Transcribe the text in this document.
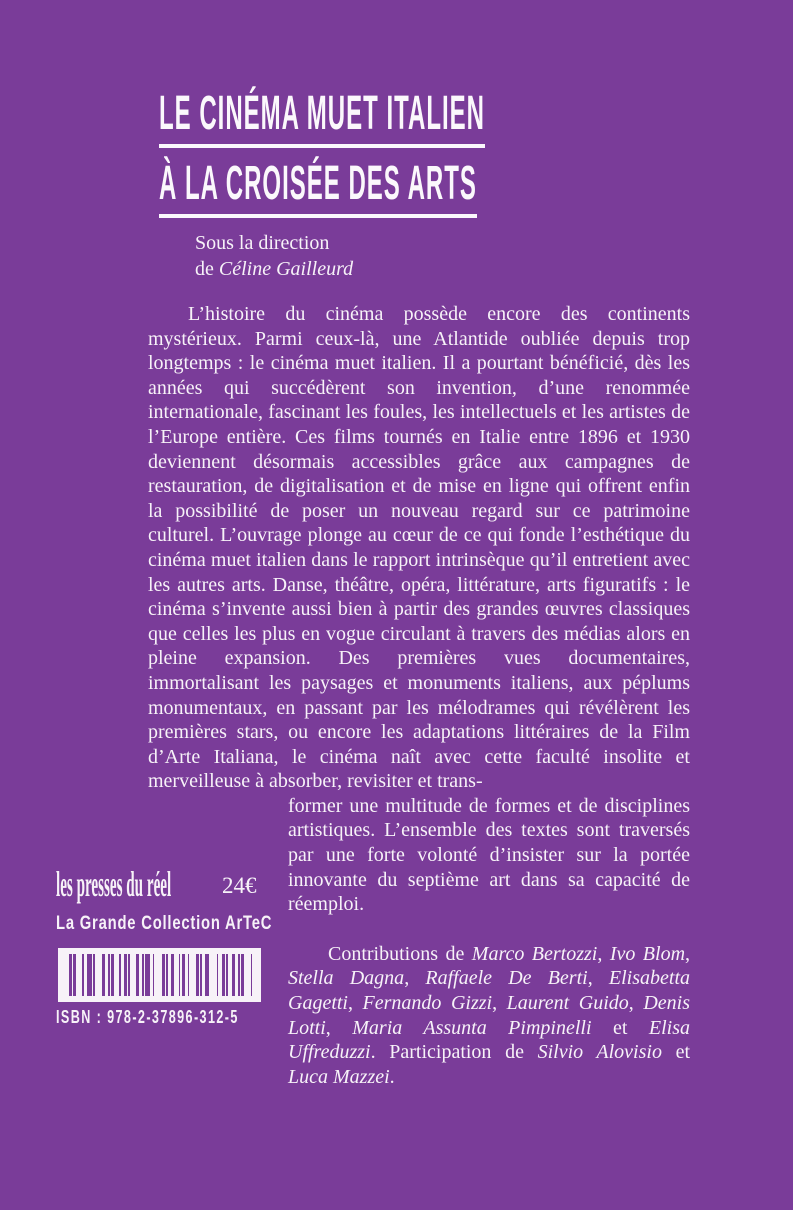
LE CINÉMA MUET ITALIEN
À LA CROISÉE DES ARTS
Sous la direction
de Céline Gailleurd

L’histoire du cinéma possède encore des continents mystérieux. Parmi ceux-là, une Atlantide oubliée depuis trop longtemps : le cinéma muet italien. Il a pourtant bénéficié, dès les années qui succédèrent son invention, d’une renommée internationale, fascinant les foules, les intellectuels et les artistes de l’Europe entière. Ces films tournés en Italie entre 1896 et 1930 deviennent désormais accessibles grâce aux campagnes de restauration, de digitalisation et de mise en ligne qui offrent enfin la possibilité de poser un nouveau regard sur ce patrimoine culturel. L’ouvrage plonge au cœur de ce qui fonde l’esthétique du cinéma muet italien dans le rapport intrinsèque qu’il entretient avec les autres arts. Danse, théâtre, opéra, littérature, arts figuratifs : le cinéma s’invente aussi bien à partir des grandes œuvres classiques que celles les plus en vogue circulant à travers des médias alors en pleine expansion. Des premières vues documentaires, immortalisant les paysages et monuments italiens, aux péplums monumentaux, en passant par les mélodrames qui révélèrent les premières stars, ou encore les adaptations littéraires de la Film d’Arte Italiana, le cinéma naît avec cette faculté insolite et merveilleuse à absorber, revisiter et trans-

former une multitude de formes et de disciplines artistiques. L’ensemble des textes sont traversés par une forte volonté d’insister sur la portée innovante du septième art dans sa capacité de réemploi.

Contributions de Marco Bertozzi, Ivo Blom, Stella Dagna, Raffaele De Berti, Elisabetta Gagetti, Fernando Gizzi, Laurent Guido, Denis Lotti, Maria Assunta Pimpinelli et Elisa Uffreduzzi. Participation de Silvio Alovisio et Luca Mazzei.

les presses du réel 24€
La Grande Collection ArTeC
ISBN : 978-2-37896-312-5
